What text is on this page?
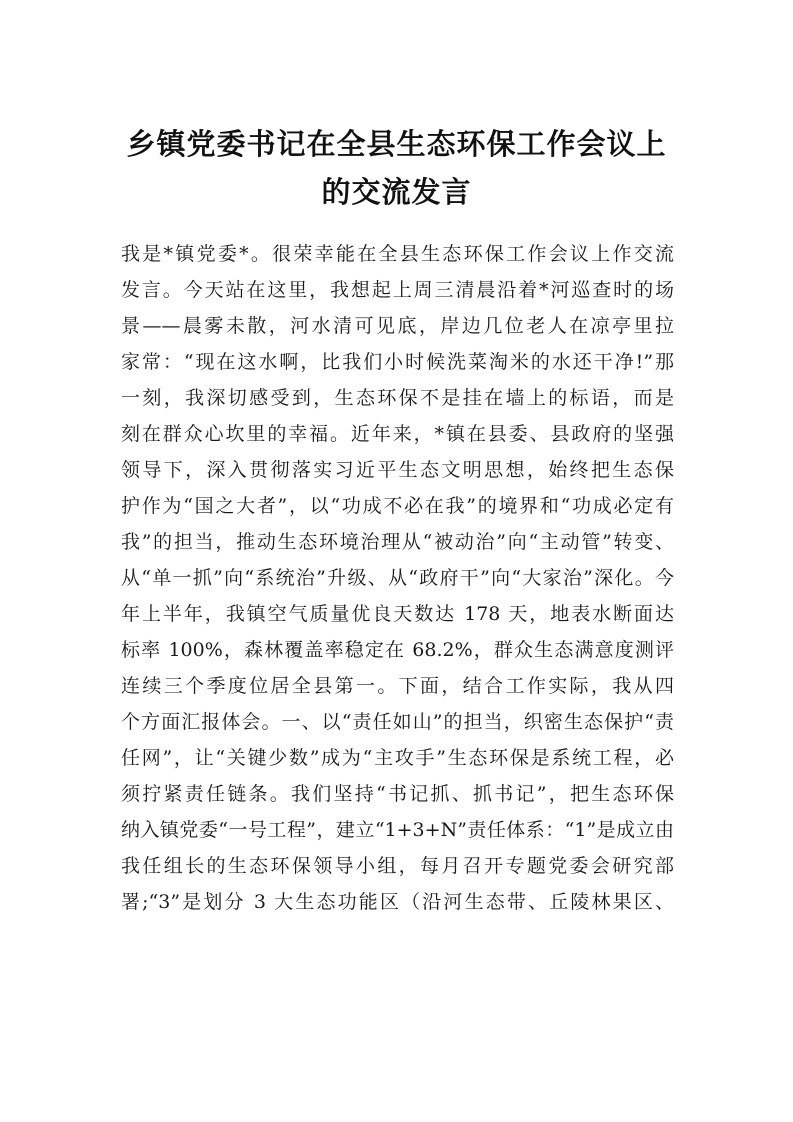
乡镇党委书记在全县生态环保工作会议上
的交流发言
我是*镇党委*。很荣幸能在全县生态环保工作会议上作交流
发言。今天站在这里，我想起上周三清晨沿着*河巡查时的场
景——晨雾未散，河水清可见底，岸边几位老人在凉亭里拉
家常：“现在这水啊，比我们小时候洗菜淘米的水还干净!”那
一刻，我深切感受到，生态环保不是挂在墙上的标语，而是
刻在群众心坎里的幸福。近年来，*镇在县委、县政府的坚强
领导下，深入贯彻落实习近平生态文明思想，始终把生态保
护作为“国之大者”，以“功成不必在我”的境界和“功成必定有
我”的担当，推动生态环境治理从“被动治”向“主动管”转变、
从“单一抓”向“系统治”升级、从“政府干”向“大家治”深化。今
年上半年，我镇空气质量优良天数达 178 天，地表水断面达
标率 100%，森林覆盖率稳定在 68.2%，群众生态满意度测评
连续三个季度位居全县第一。下面，结合工作实际，我从四
个方面汇报体会。一、以“责任如山”的担当，织密生态保护“责
任网”，让“关键少数”成为“主攻手”生态环保是系统工程，必
须拧紧责任链条。我们坚持“书记抓、抓书记”，把生态环保
纳入镇党委“一号工程”，建立“1+3+N”责任体系：“1”是成立由
我任组长的生态环保领导小组，每月召开专题党委会研究部
署;“3”是划分 3 大生态功能区（沿河生态带、丘陵林果区、
